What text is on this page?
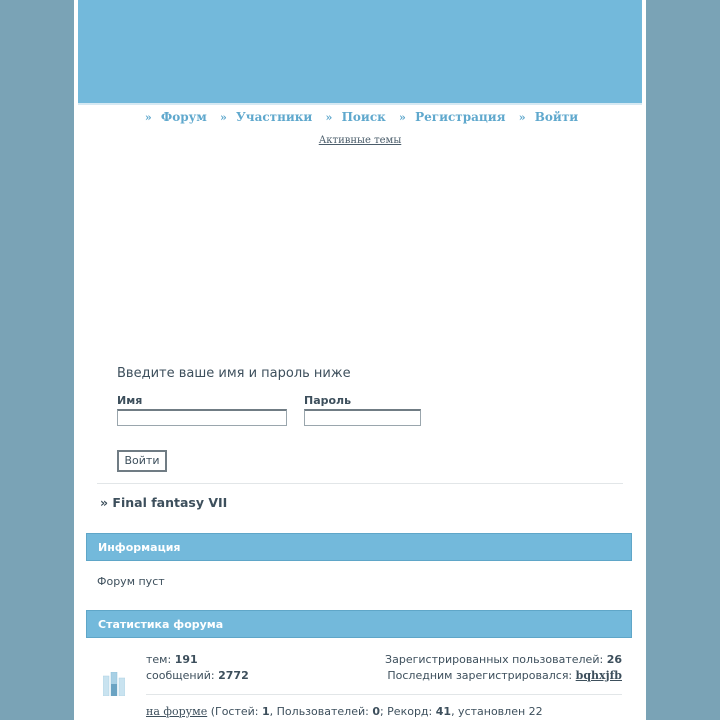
» Форум » Участники » Поиск » Регистрация » Войти
Активные темы
Введите ваше имя и пароль ниже
Имя	Пароль
Войти
» Final fantasy VII
Информация
Форум пуст
Статистика форума
тем: 191
сообщений: 2772
Зарегистрированных пользователей: 26
Последним зарегистрировался: bqhxjfb
на форуме (Гостей: 1, Пользователей: 0; Рекорд: 41, установлен 22
